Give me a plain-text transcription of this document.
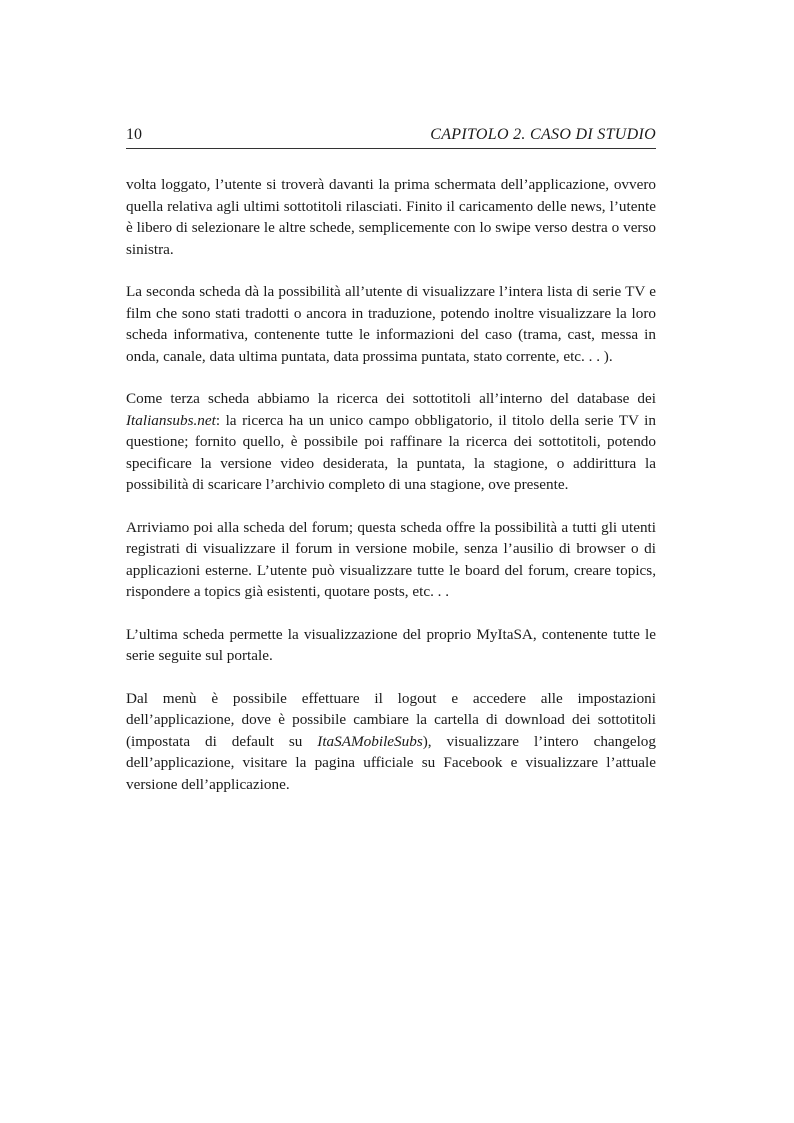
10	CAPITOLO 2. CASO DI STUDIO

volta loggato, l’utente si troverà davanti la prima schermata dell’applicazione, ovvero quella relativa agli ultimi sottotitoli rilasciati. Finito il caricamento delle news, l’utente è libero di selezionare le altre schede, semplicemente con lo swipe verso destra o verso sinistra.

La seconda scheda dà la possibilità all’utente di visualizzare l’intera lista di serie TV e film che sono stati tradotti o ancora in traduzione, potendo inoltre visualizzare la loro scheda informativa, contenente tutte le informazioni del caso (trama, cast, messa in onda, canale, data ultima puntata, data prossima puntata, stato corrente, etc. . . ).

Come terza scheda abbiamo la ricerca dei sottotitoli all’interno del database dei Italiansubs.net: la ricerca ha un unico campo obbligatorio, il titolo della serie TV in questione; fornito quello, è possibile poi raffinare la ricerca dei sottotitoli, potendo specificare la versione video desiderata, la puntata, la stagione, o addirittura la possibilità di scaricare l’archivio completo di una stagione, ove presente.

Arriviamo poi alla scheda del forum; questa scheda offre la possibilità a tutti gli utenti registrati di visualizzare il forum in versione mobile, senza l’ausilio di browser o di applicazioni esterne. L’utente può visualizzare tutte le board del forum, creare topics, rispondere a topics già esistenti, quotare posts, etc. . .

L’ultima scheda permette la visualizzazione del proprio MyItaSA, contenente tutte le serie seguite sul portale.

Dal menù è possibile effettuare il logout e accedere alle impostazioni dell’applicazione, dove è possibile cambiare la cartella di download dei sottotitoli (impostata di default su ItaSAMobileSubs), visualizzare l’intero changelog dell’applicazione, visitare la pagina ufficiale su Facebook e visualizzare l’attuale versione dell’applicazione.
